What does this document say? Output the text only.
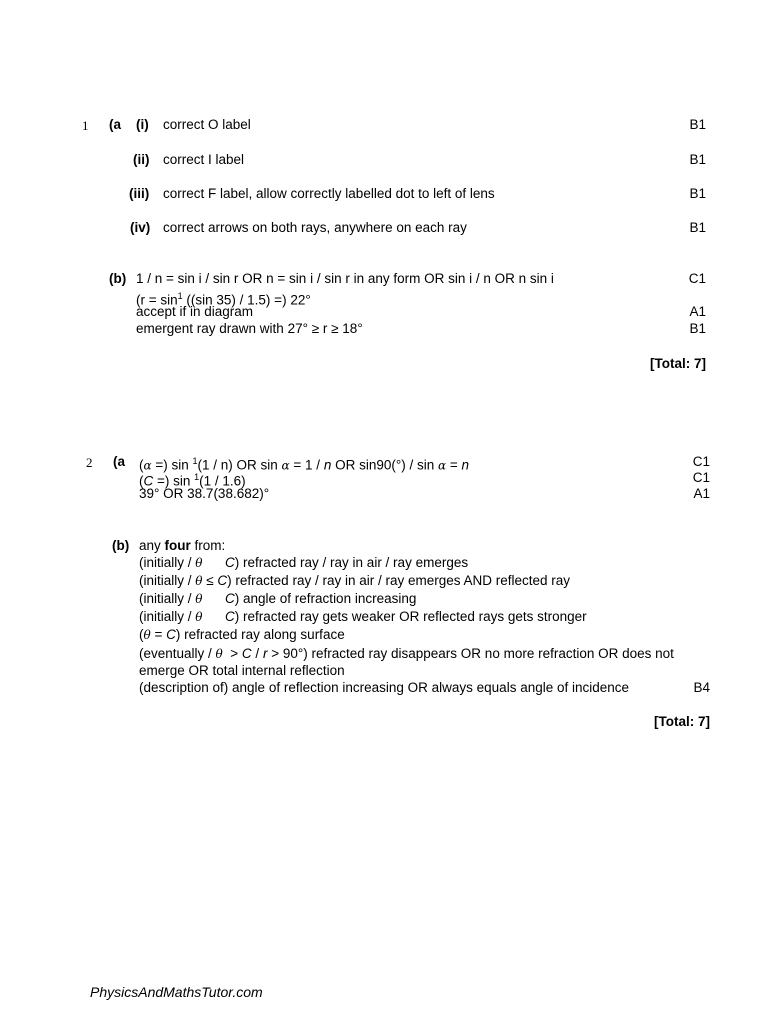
1 (a (i) correct O label	B1
(ii) correct I label	B1
(iii) correct F label, allow correctly labelled dot to left of lens	B1
(iv) correct arrows on both rays, anywhere on each ray	B1
(b) 1 / n = sin i / sin r OR n = sin i / sin r in any form OR sin i / n OR n sin i	C1
($r = \sin^1 ((\sin$ 35) / 1.5) =) 22°
accept if in diagram	A1
emergent ray drawn with 27° ≥ r ≥ 18°	B1
[Total: 7]
2 (a (α =) sin $^1$(1 / n) OR sin α = 1 / n OR sin90(°) / sin α = n	C1
(C =) sin $^1$(1 / 1.6)	C1
39° OR 38.7(38.682)°	A1
(b) any four from:
(initially / θ C) refracted ray / ray in air / ray emerges
(initially / θ ≤ C) refracted ray / ray in air / ray emerges AND reflected ray
(initially / θ C) angle of refraction increasing
(initially / θ C) refracted ray gets weaker OR reflected rays gets stronger
(θ = C) refracted ray along surface
(eventually / θ  > C / r > 90°) refracted ray disappears OR no more refraction OR does not
emerge OR total internal reflection
(description of) angle of reflection increasing OR always equals angle of incidence	B4
[Total: 7]
PhysicsAndMathsTutor.com
